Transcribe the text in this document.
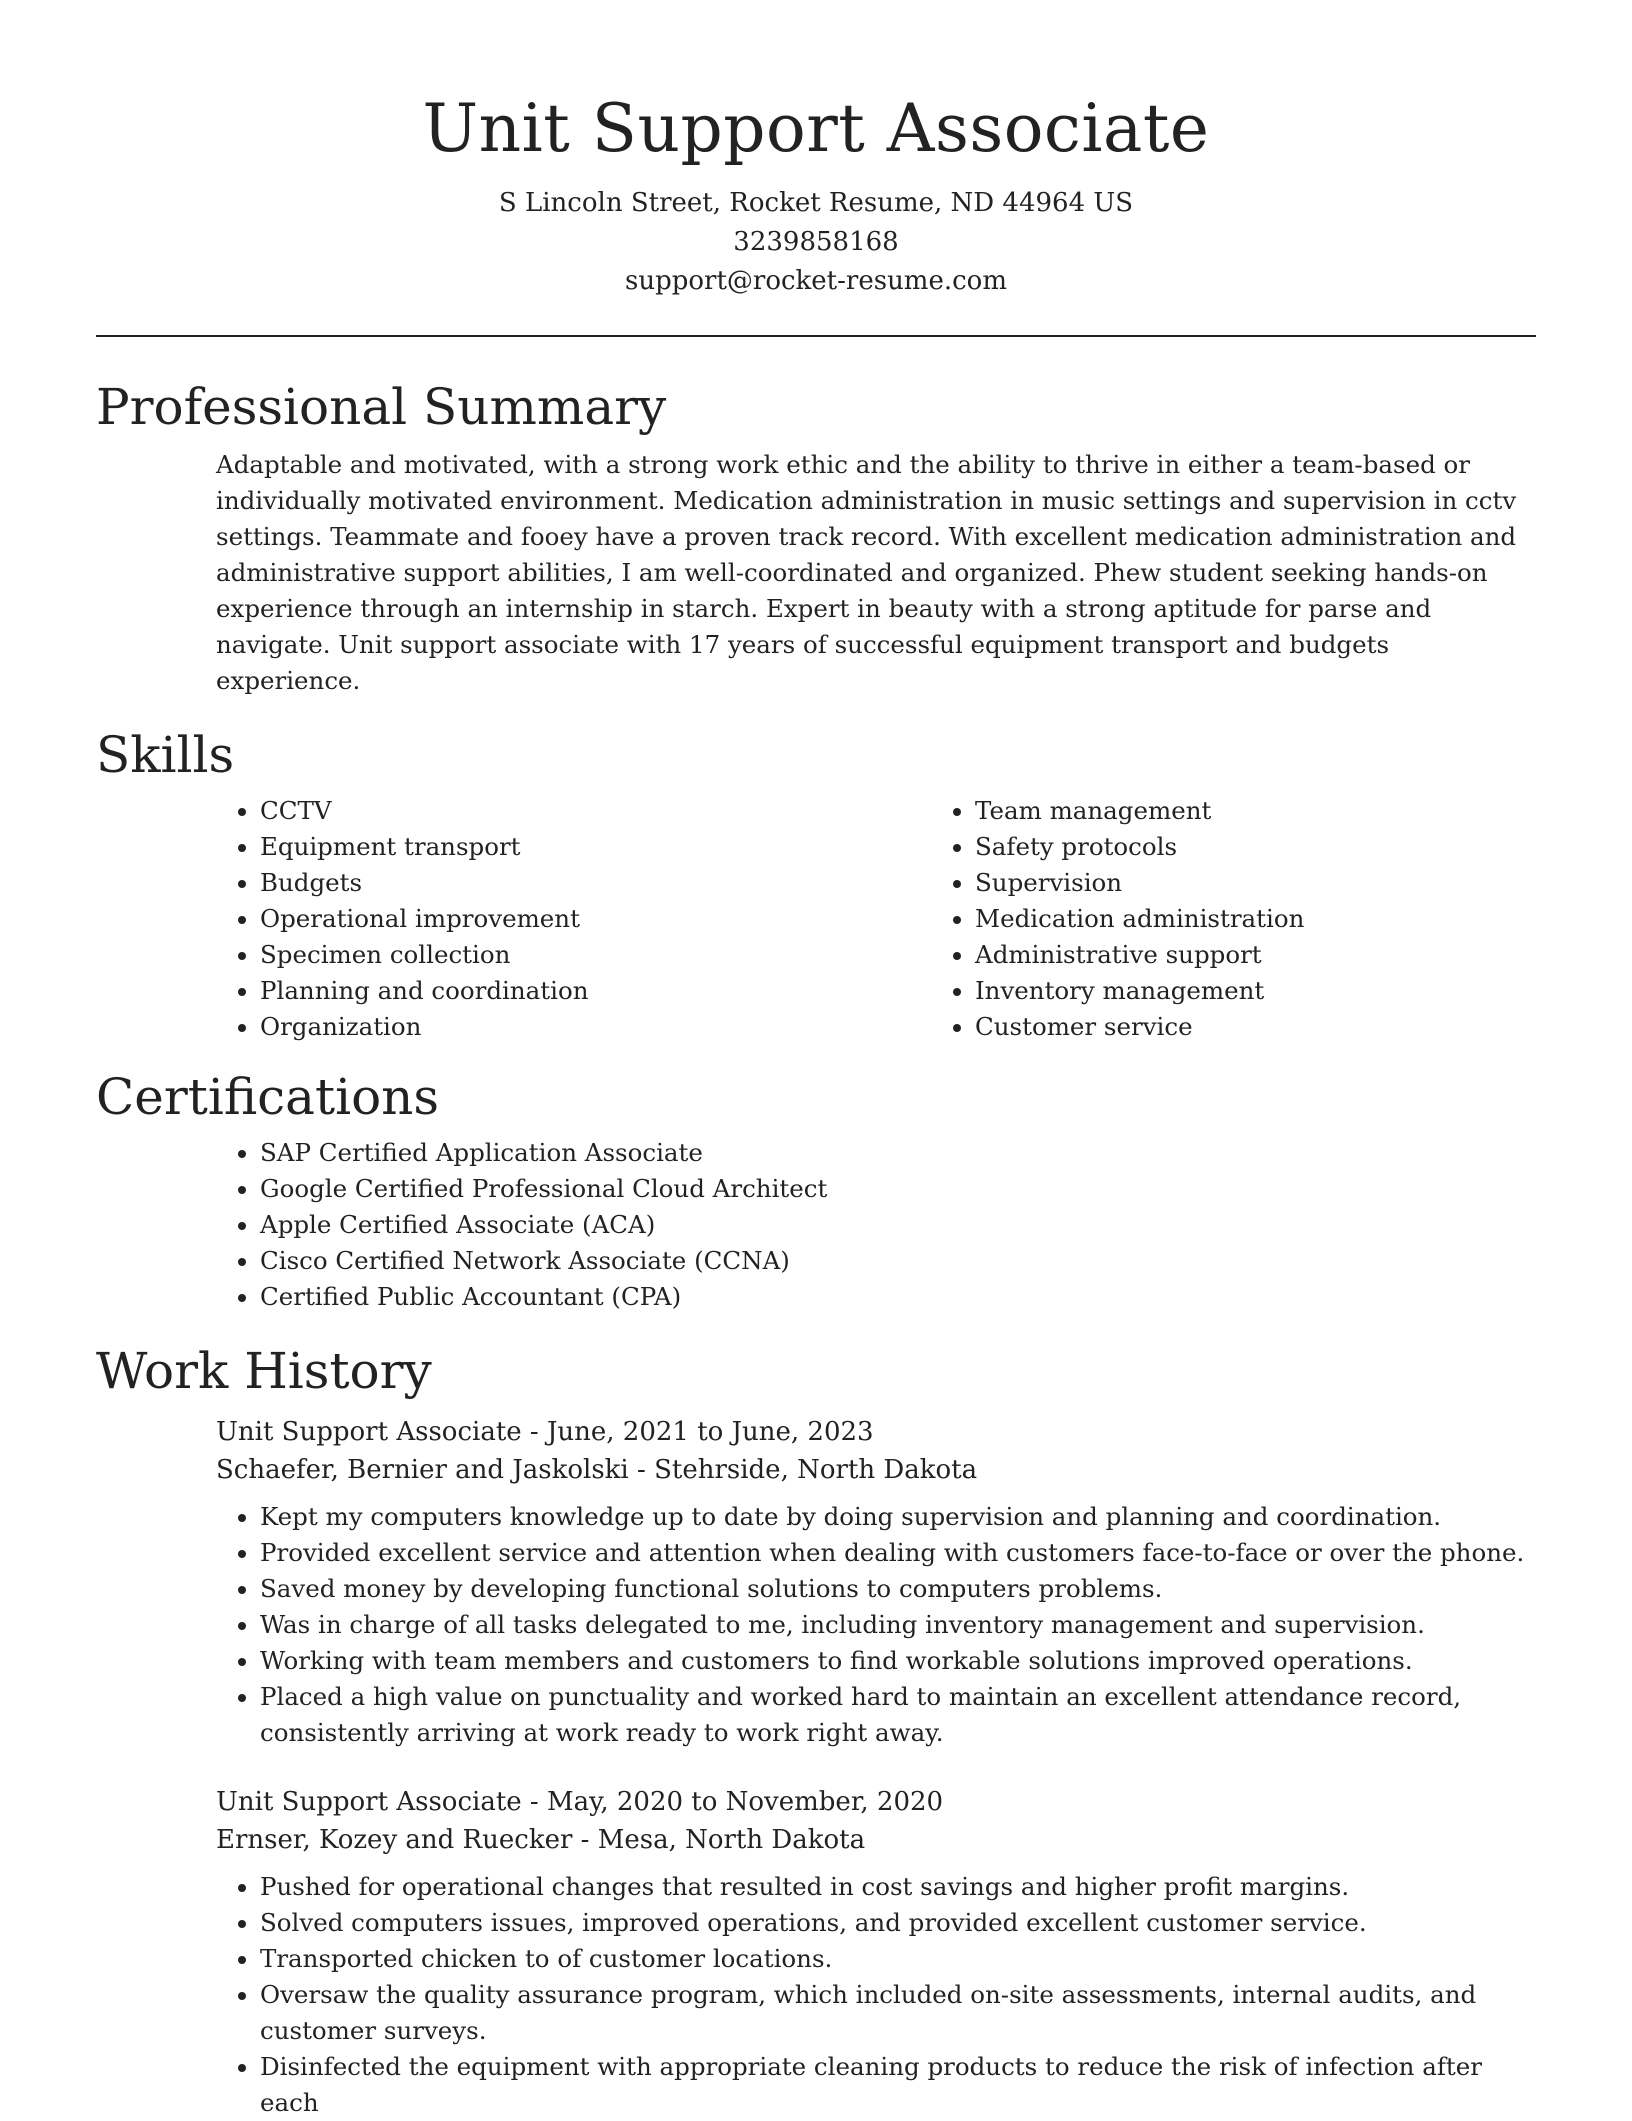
Unit Support Associate
S Lincoln Street, Rocket Resume, ND 44964 US
3239858168
support@rocket-resume.com
Professional Summary

Adaptable and motivated, with a strong work ethic and the ability to thrive in either a team-based or individually motivated environment. Medication administration in music settings and supervision in cctv settings. Teammate and fooey have a proven track record. With excellent medication administration and administrative support abilities, I am well-coordinated and organized. Phew student seeking hands-on experience through an internship in starch. Expert in beauty with a strong aptitude for parse and navigate. Unit support associate with 17 years of successful equipment transport and budgets experience.

Skills
• CCTV
• Equipment transport
• Budgets
• Operational improvement
• Specimen collection
• Planning and coordination
• Organization
• Team management
• Safety protocols
• Supervision
• Medication administration
• Administrative support
• Inventory management
• Customer service
Certifications
• SAP Certified Application Associate
• Google Certified Professional Cloud Architect
• Apple Certified Associate (ACA)
• Cisco Certified Network Associate (CCNA)
• Certified Public Accountant (CPA)
Work History
Unit Support Associate - June, 2021 to June, 2023
Schaefer, Bernier and Jaskolski - Stehrside, North Dakota
• Kept my computers knowledge up to date by doing supervision and planning and coordination.
• Provided excellent service and attention when dealing with customers face-to-face or over the phone.
• Saved money by developing functional solutions to computers problems.
• Was in charge of all tasks delegated to me, including inventory management and supervision.
• Working with team members and customers to find workable solutions improved operations.
• Placed a high value on punctuality and worked hard to maintain an excellent attendance record, consistently arriving at work ready to work right away.
Unit Support Associate - May, 2020 to November, 2020
Ernser, Kozey and Ruecker - Mesa, North Dakota
• Pushed for operational changes that resulted in cost savings and higher profit margins.
• Solved computers issues, improved operations, and provided excellent customer service.
• Transported chicken to of customer locations.
• Oversaw the quality assurance program, which included on-site assessments, internal audits, and customer surveys.
• Disinfected the equipment with appropriate cleaning products to reduce the risk of infection after each
